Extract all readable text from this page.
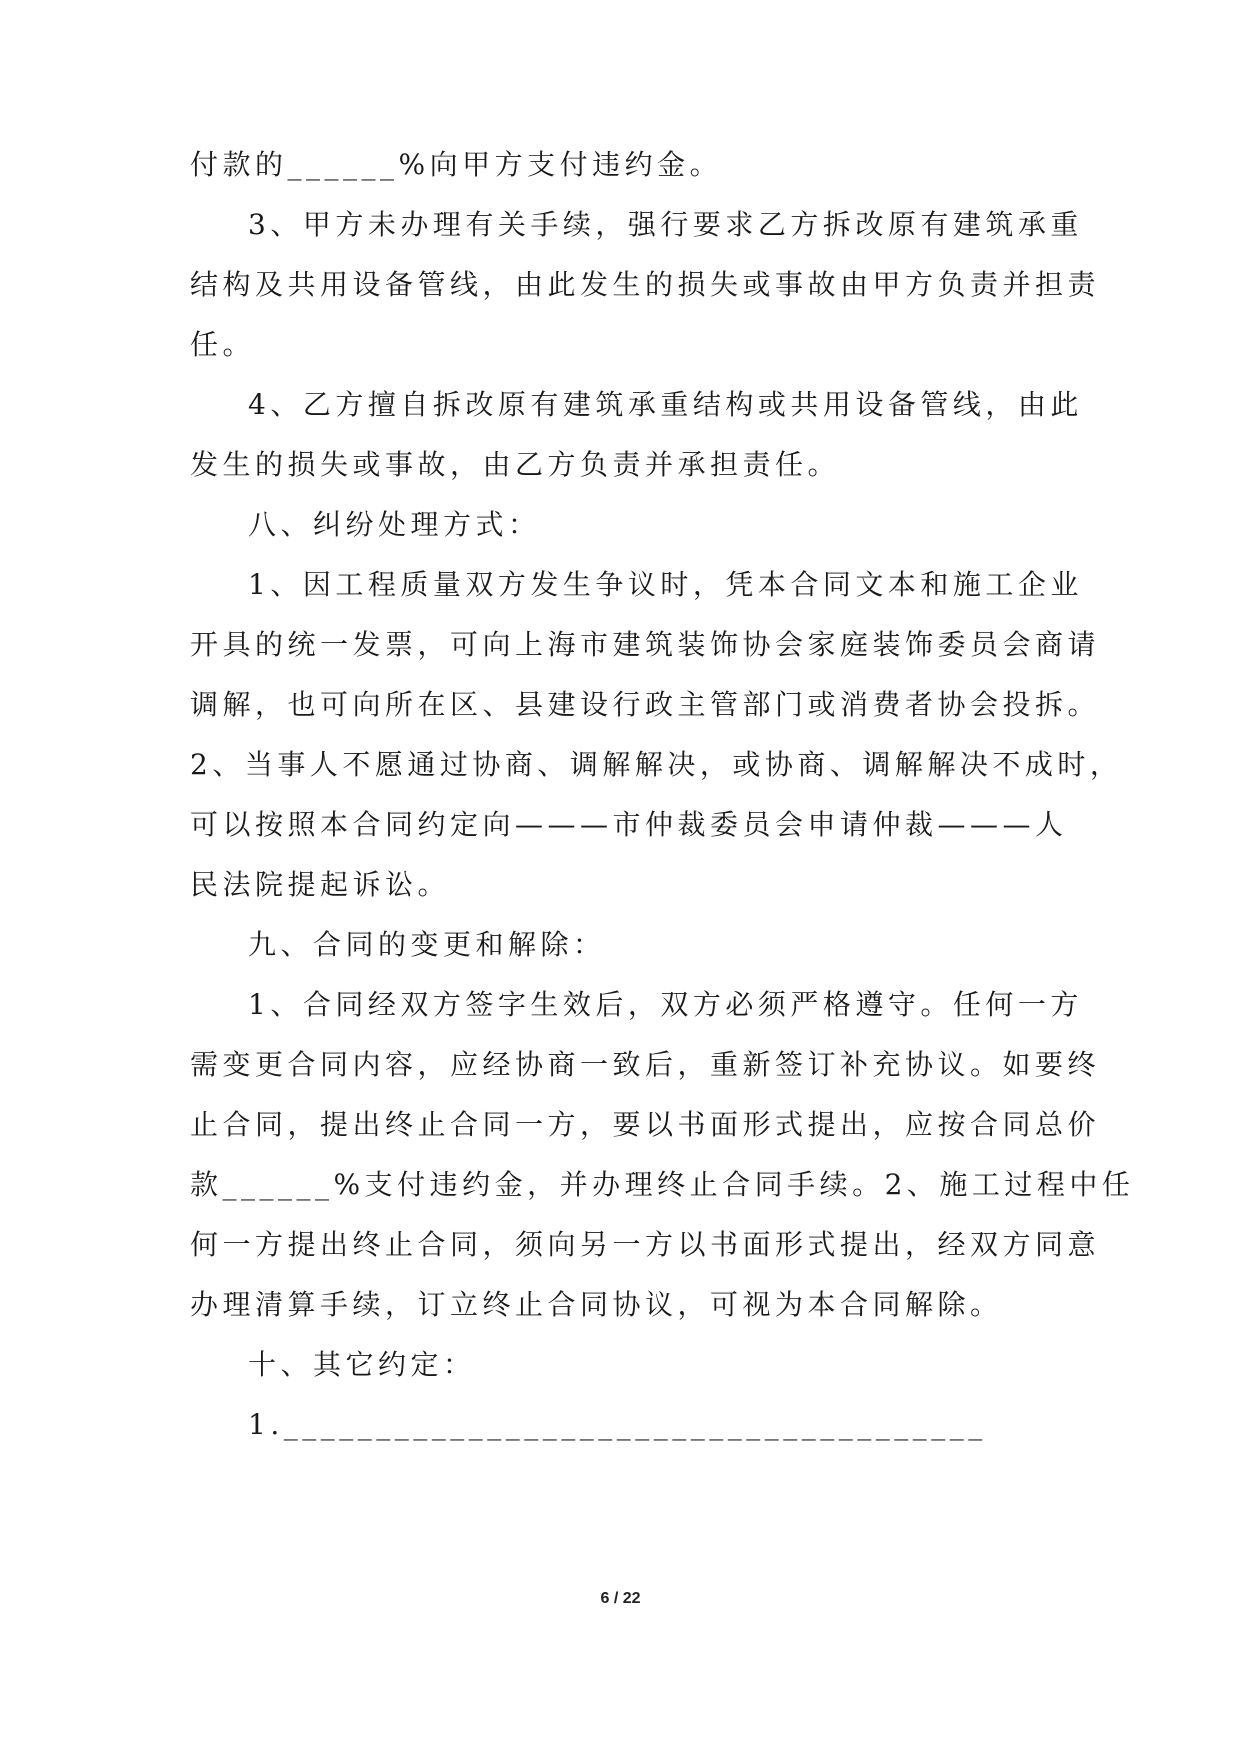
付款的______%向甲方支付违约金。
3、甲方未办理有关手续，强行要求乙方拆改原有建筑承重
结构及共用设备管线，由此发生的损失或事故由甲方负责并担责
任。
4、乙方擅自拆改原有建筑承重结构或共用设备管线，由此
发生的损失或事故，由乙方负责并承担责任。
八、纠纷处理方式：
1、因工程质量双方发生争议时，凭本合同文本和施工企业
开具的统一发票，可向上海市建筑装饰协会家庭装饰委员会商请
调解，也可向所在区、县建设行政主管部门或消费者协会投拆。
2、当事人不愿通过协商、调解解决，或协商、调解解决不成时，
可以按照本合同约定向———市仲裁委员会申请仲裁———人
民法院提起诉讼。
九、合同的变更和解除：
1、合同经双方签字生效后，双方必须严格遵守。任何一方
需变更合同内容，应经协商一致后，重新签订补充协议。如要终
止合同，提出终止合同一方，要以书面形式提出，应按合同总价
款______%支付违约金，并办理终止合同手续。2、施工过程中任
何一方提出终止合同，须向另一方以书面形式提出，经双方同意
办理清算手续，订立终止合同协议，可视为本合同解除。
十、其它约定：
1.______________________________________
6 / 22
